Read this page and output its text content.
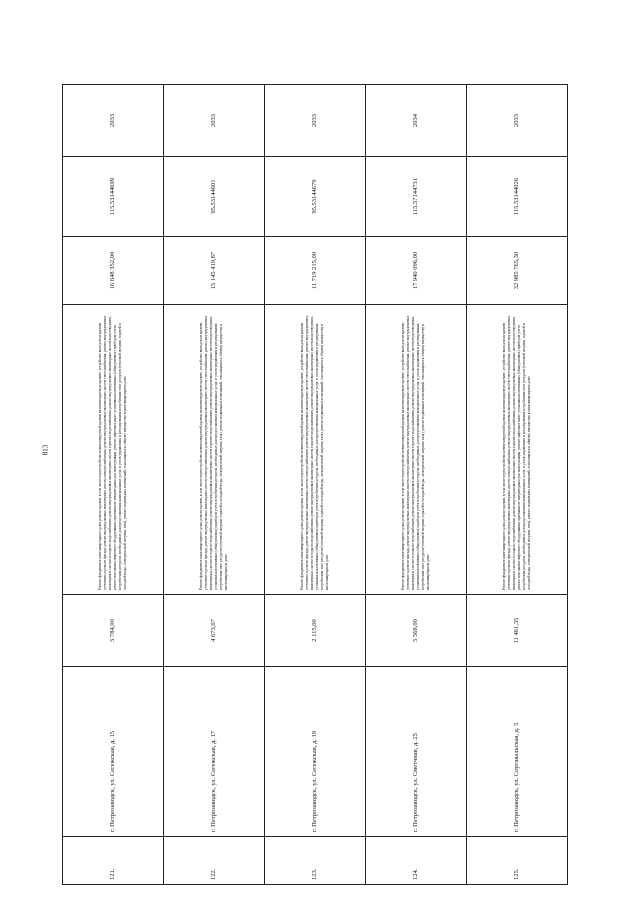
813
121.	г. Петрозаводск, ул. Сегежская, д. 15	5 784,00	Ремонт фундамента многоквартирного дома, ремонт кровли, в том числе переустройство невентилируемой кровли на вентилируемую кровлю, устройство выходов на кровлю, утепление и ремонт фасада, ремонт внутридомовых инженерных систем электроснабжения, ремонт внутридомовых инженерных систем теплоснабжения, ремонт внутридомовых инженерных систем холодного водоснабжения, ремонт внутридомовых инженерных систем горячего водоснабжения, ремонт внутридомовых инженерных систем водоотведения, ремонт или замена лифтового оборудования, признанного непригодным для эксплуатации, ремонт лифтовых шахт, установка коллективных (общедомовых) приборов учета потребления ресурсов, необходимых для предоставления коммунальных услуг, и узлов управления и регулирования потребления этих ресурсов (тепловой энергии, горячей и холодной воды, электрической энергии, газа), ремонт подвальных помещений, относящихся к общему имуществу в многоквартирном доме	16 648 352,00	115.53144699	2033
122.	г. Петрозаводск, ул. Сегежская, д. 17	4 673,07	Ремонт фундамента многоквартирного дома, ремонт кровли, в том числе переустройство невентилируемой кровли на вентилируемую кровлю, устройство выходов на кровлю, утепление и ремонт фасада, ремонт внутридомовых инженерных систем электроснабжения, ремонт внутридомовых инженерных систем теплоснабжения, ремонт внутридомовых инженерных систем холодного водоснабжения, ремонт внутридомовых инженерных систем горячего водоснабжения, ремонт внутридомовых инженерных систем водоотведения, установка коллективных (общедомовых) приборов учета потребления ресурсов, необходимых для предоставления коммунальных услуг, и узлов управления и регулирования потребления этих ресурсов (тепловой энергии, горячей и холодной воды, электрической энергии, газа), ремонт подвальных помещений, относящихся к общему имуществу в многоквартирном доме	15 145 419,87	95.53144601	2033
123.	г. Петрозаводск, ул. Сегежская, д. 19	2 115,00	Ремонт фундамента многоквартирного дома, ремонт кровли, в том числе переустройство невентилируемой кровли на вентилируемую кровлю, устройство выходов на кровлю, утепление и ремонт фасада, ремонт внутридомовых инженерных систем электроснабжения, ремонт внутридомовых инженерных систем теплоснабжения, ремонт внутридомовых инженерных систем холодного водоснабжения, ремонт внутридомовых инженерных систем горячего водоснабжения, ремонт внутридомовых инженерных систем водоотведения, установка коллективных (общедомовых) приборов учета потребления ресурсов, необходимых для предоставления коммунальных услуг, и узлов управления и регулирования потребления этих ресурсов (тепловой энергии, горячей и холодной воды, электрической энергии, газа), ремонт подвальных помещений, относящихся к общему имуществу в многоквартирном доме	11 719 215,00	95.53144679	2033
124.	г. Петрозаводск, ул. Сметчная, д. 25	5 568,00	Ремонт фундамента многоквартирного дома, ремонт кровли, в том числе переустройство невентилируемой кровли на вентилируемую кровлю, устройство выходов на кровлю, утепление и ремонт фасада, ремонт внутридомовых инженерных систем электроснабжения, ремонт внутридомовых инженерных систем теплоснабжения, ремонт внутридомовых инженерных систем холодного водоснабжения, ремонт внутридомовых инженерных систем горячего водоснабжения, ремонт внутридомовых инженерных систем водоотведения, установка коллективных (общедомовых) приборов учета потребления ресурсов, необходимых для предоставления коммунальных услуг, и узлов управления и регулирования потребления этих ресурсов (тепловой энергии, горячей и холодной воды, электрической энергии, газа), ремонт подвальных помещений, относящихся к общему имуществу в многоквартирном доме	17 940 096,00	115.57144731	2034
125.	г. Петрозаводск, ул. Сортавальская, д. 5	11 461,35	Ремонт фундамента многоквартирного дома, ремонт кровли, в том числе переустройство невентилируемой кровли на вентилируемую кровлю, устройство выходов на кровлю, утепление и ремонт фасада, ремонт внутридомовых инженерных систем электроснабжения, ремонт внутридомовых инженерных систем теплоснабжения, ремонт внутридомовых инженерных систем холодного водоснабжения, ремонт внутридомовых инженерных систем горячего водоснабжения, ремонт внутридомовых инженерных систем водоотведения, ремонт или замена лифтового оборудования, признанного непригодным для эксплуатации, ремонт лифтовых шахт, установка коллективных (общедомовых) приборов учета потребления ресурсов, необходимых для предоставления коммунальных услуг, и узлов управления и регулирования потребления этих ресурсов (тепловой энергии, горячей и холодной воды, электрической энергии, газа), ремонт подвальных помещений, относящихся к общему имуществу в многоквартирном доме	32 985 765,30	115.53144026	2033
